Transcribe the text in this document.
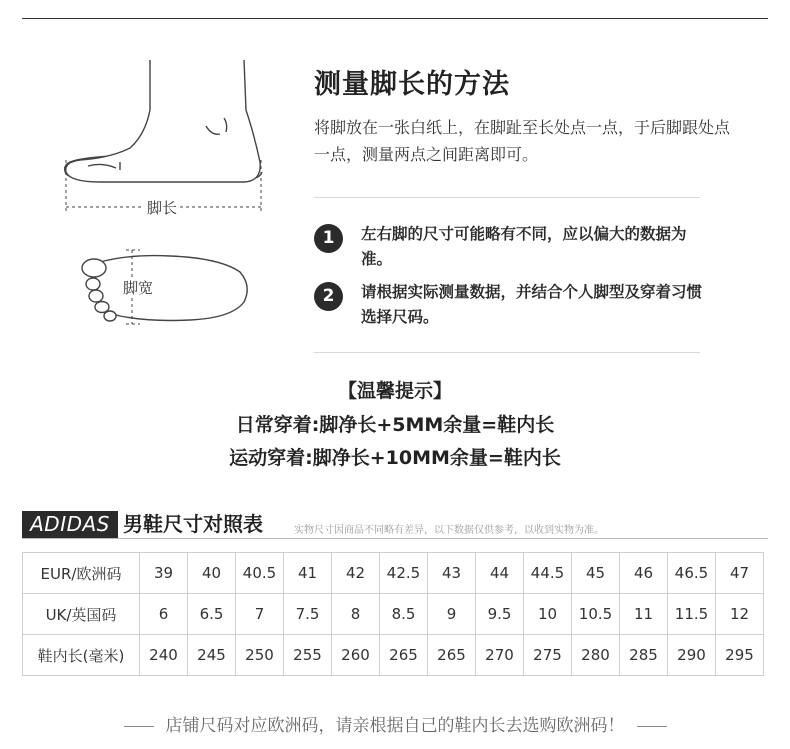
脚长
脚宽
测量脚长的方法

将脚放在一张白纸上，在脚趾至长处点一点，于后脚跟处点一点，测量两点之间距离即可。

1	左右脚的尺寸可能略有不同，应以偏大的数据为准。

2	请根据实际测量数据，并结合个人脚型及穿着习惯选择尺码。

【温馨提示】
日常穿着:脚净长+5MM余量=鞋内长
运动穿着:脚净长+10MM余量=鞋内长
ADIDAS 男鞋尺寸对照表	实物尺寸因商品不同略有差异，以下数据仅供参考，以收到实物为准。
EUR/欧洲码	39	40	40.5	41	42	42.5	43	44	44.5	45	46	46.5	47
UK/英国码	6	6.5	7	7.5	8	8.5	9	9.5	10	10.5	11	11.5	12
鞋内长(毫米)	240	245	250	255	260	265	265	270	275	280	285	290	295
店铺尺码对应欧洲码，请亲根据自己的鞋内长去选购欧洲码！
